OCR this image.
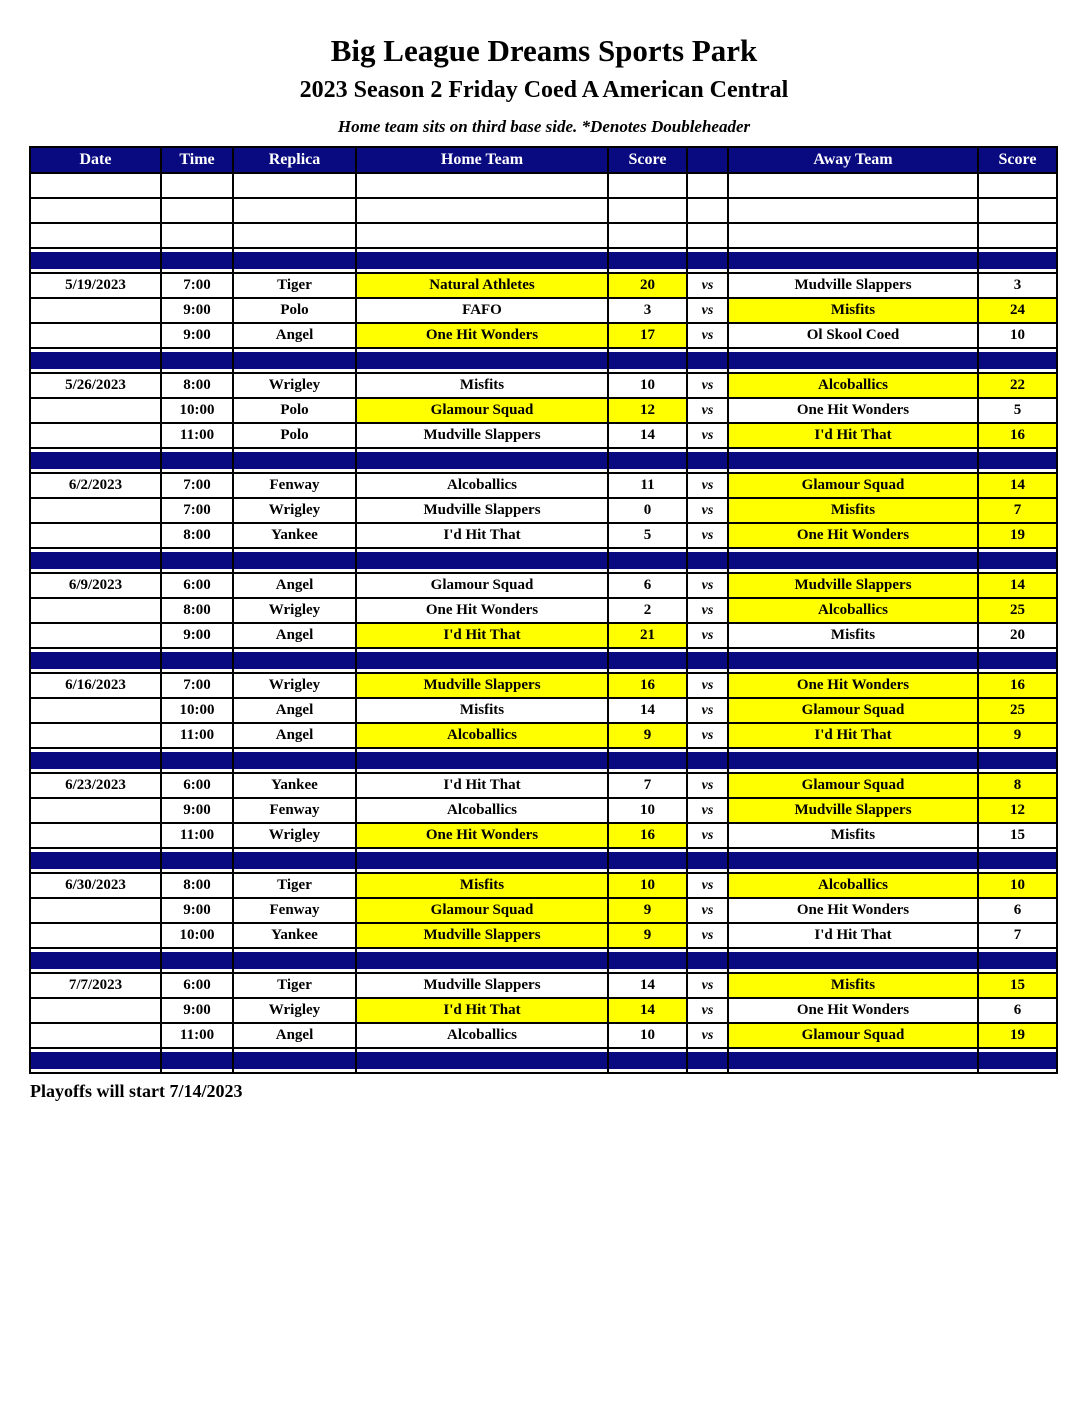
Big League Dreams Sports Park
2023 Season 2 Friday Coed A American Central
Home team sits on third base side. *Denotes Doubleheader
Date	Time	Replica	Home Team	Score		Away Team	Score

5/19/2023	7:00	Tiger	Natural Athletes	20	vs	Mudville Slappers	3
	9:00	Polo	FAFO	3	vs	Misfits	24
	9:00	Angel	One Hit Wonders	17	vs	Ol Skool Coed	10

5/26/2023	8:00	Wrigley	Misfits	10	vs	Alcoballics	22
	10:00	Polo	Glamour Squad	12	vs	One Hit Wonders	5
	11:00	Polo	Mudville Slappers	14	vs	I'd Hit That	16

6/2/2023	7:00	Fenway	Alcoballics	11	vs	Glamour Squad	14
	7:00	Wrigley	Mudville Slappers	0	vs	Misfits	7
	8:00	Yankee	I'd Hit That	5	vs	One Hit Wonders	19

6/9/2023	6:00	Angel	Glamour Squad	6	vs	Mudville Slappers	14
	8:00	Wrigley	One Hit Wonders	2	vs	Alcoballics	25
	9:00	Angel	I'd Hit That	21	vs	Misfits	20

6/16/2023	7:00	Wrigley	Mudville Slappers	16	vs	One Hit Wonders	16
	10:00	Angel	Misfits	14	vs	Glamour Squad	25
	11:00	Angel	Alcoballics	9	vs	I'd Hit That	9

6/23/2023	6:00	Yankee	I'd Hit That	7	vs	Glamour Squad	8
	9:00	Fenway	Alcoballics	10	vs	Mudville Slappers	12
	11:00	Wrigley	One Hit Wonders	16	vs	Misfits	15

6/30/2023	8:00	Tiger	Misfits	10	vs	Alcoballics	10
	9:00	Fenway	Glamour Squad	9	vs	One Hit Wonders	6
	10:00	Yankee	Mudville Slappers	9	vs	I'd Hit That	7

7/7/2023	6:00	Tiger	Mudville Slappers	14	vs	Misfits	15
	9:00	Wrigley	I'd Hit That	14	vs	One Hit Wonders	6
	11:00	Angel	Alcoballics	10	vs	Glamour Squad	19

Playoffs will start 7/14/2023
